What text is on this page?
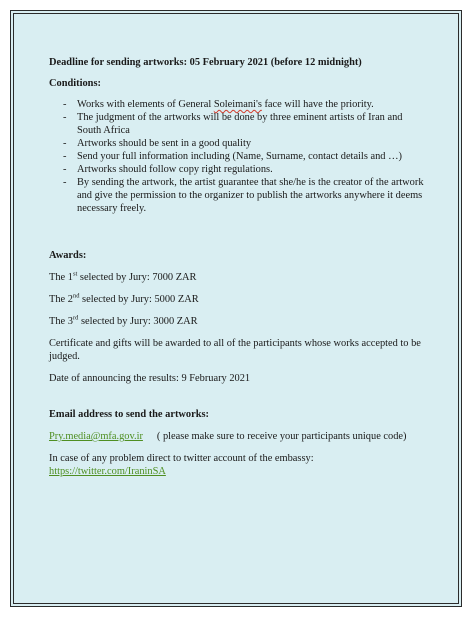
Deadline for sending artworks: 05 February 2021 (before 12 midnight)

Conditions:

- Works with elements of General Soleimani's face will have the priority.
- The judgment of the artworks will be done by three eminent artists of Iran and South Africa
- Artworks should be sent in a good quality
- Send your full information including (Name, Surname, contact details and …)
- Artworks should follow copy right regulations.
- By sending the artwork, the artist guarantee that she/he is the creator of the artwork and give the permission to the organizer to publish the artworks anywhere it deems necessary freely.

Awards:

The 1st selected by Jury: 7000 ZAR

The 2nd selected by Jury: 5000 ZAR

The 3rd selected by Jury: 3000 ZAR

Certificate and gifts will be awarded to all of the participants whose works accepted to be judged.

Date of announcing the results: 9 February 2021

Email address to send the artworks:

Pry.media@mfa.gov.ir ( please make sure to receive your participants unique code)

In case of any problem direct to twitter account of the embassy:

https://twitter.com/IraninSA
